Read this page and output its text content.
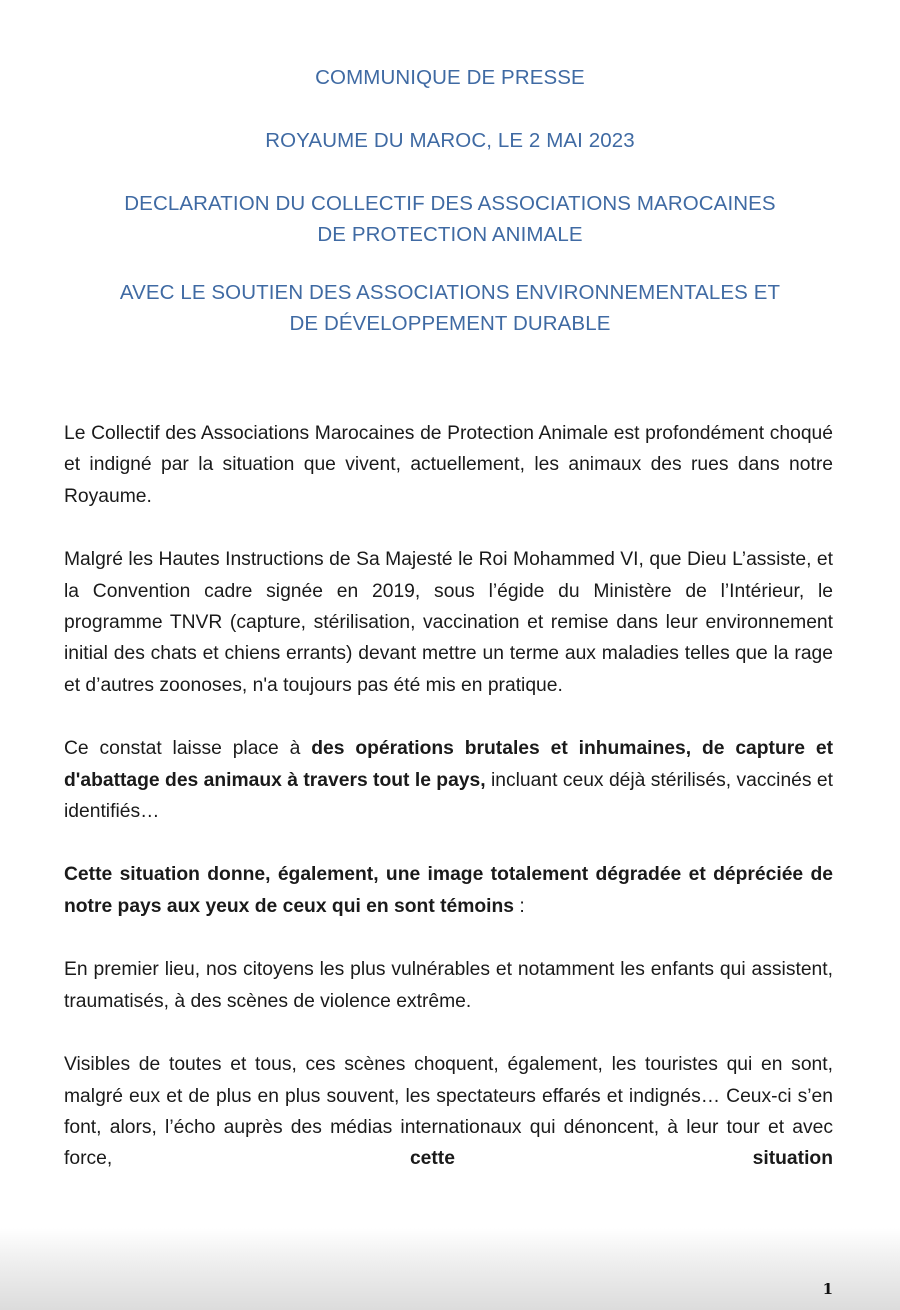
COMMUNIQUE DE PRESSE

ROYAUME DU MAROC, LE 2 MAI 2023

DECLARATION DU COLLECTIF DES ASSOCIATIONS MAROCAINES
DE PROTECTION ANIMALE

AVEC LE SOUTIEN DES ASSOCIATIONS ENVIRONNEMENTALES ET
DE DÉVELOPPEMENT DURABLE

Le Collectif des Associations Marocaines de Protection Animale est profondément choqué et indigné par la situation que vivent, actuellement, les animaux des rues dans notre Royaume.

Malgré les Hautes Instructions de Sa Majesté le Roi Mohammed VI, que Dieu L’assiste, et la Convention cadre signée en 2019, sous l’égide du Ministère de l’Intérieur, le programme TNVR (capture, stérilisation, vaccination et remise dans leur environnement initial des chats et chiens errants) devant mettre un terme aux maladies telles que la rage et d’autres zoonoses, n'a toujours pas été mis en pratique.

Ce constat laisse place à des opérations brutales et inhumaines, de capture et d'abattage des animaux à travers tout le pays, incluant ceux déjà stérilisés, vaccinés et identifiés…

Cette situation donne, également, une image totalement dégradée et dépréciée de notre pays aux yeux de ceux qui en sont témoins :

En premier lieu, nos citoyens les plus vulnérables et notamment les enfants qui assistent, traumatisés, à des scènes de violence extrême.

Visibles de toutes et tous, ces scènes choquent, également, les touristes qui en sont, malgré eux et de plus en plus souvent, les spectateurs effarés et indignés… Ceux-ci s’en font, alors, l’écho auprès des médias internationaux qui dénoncent, à leur tour et avec force, cette situation

1
